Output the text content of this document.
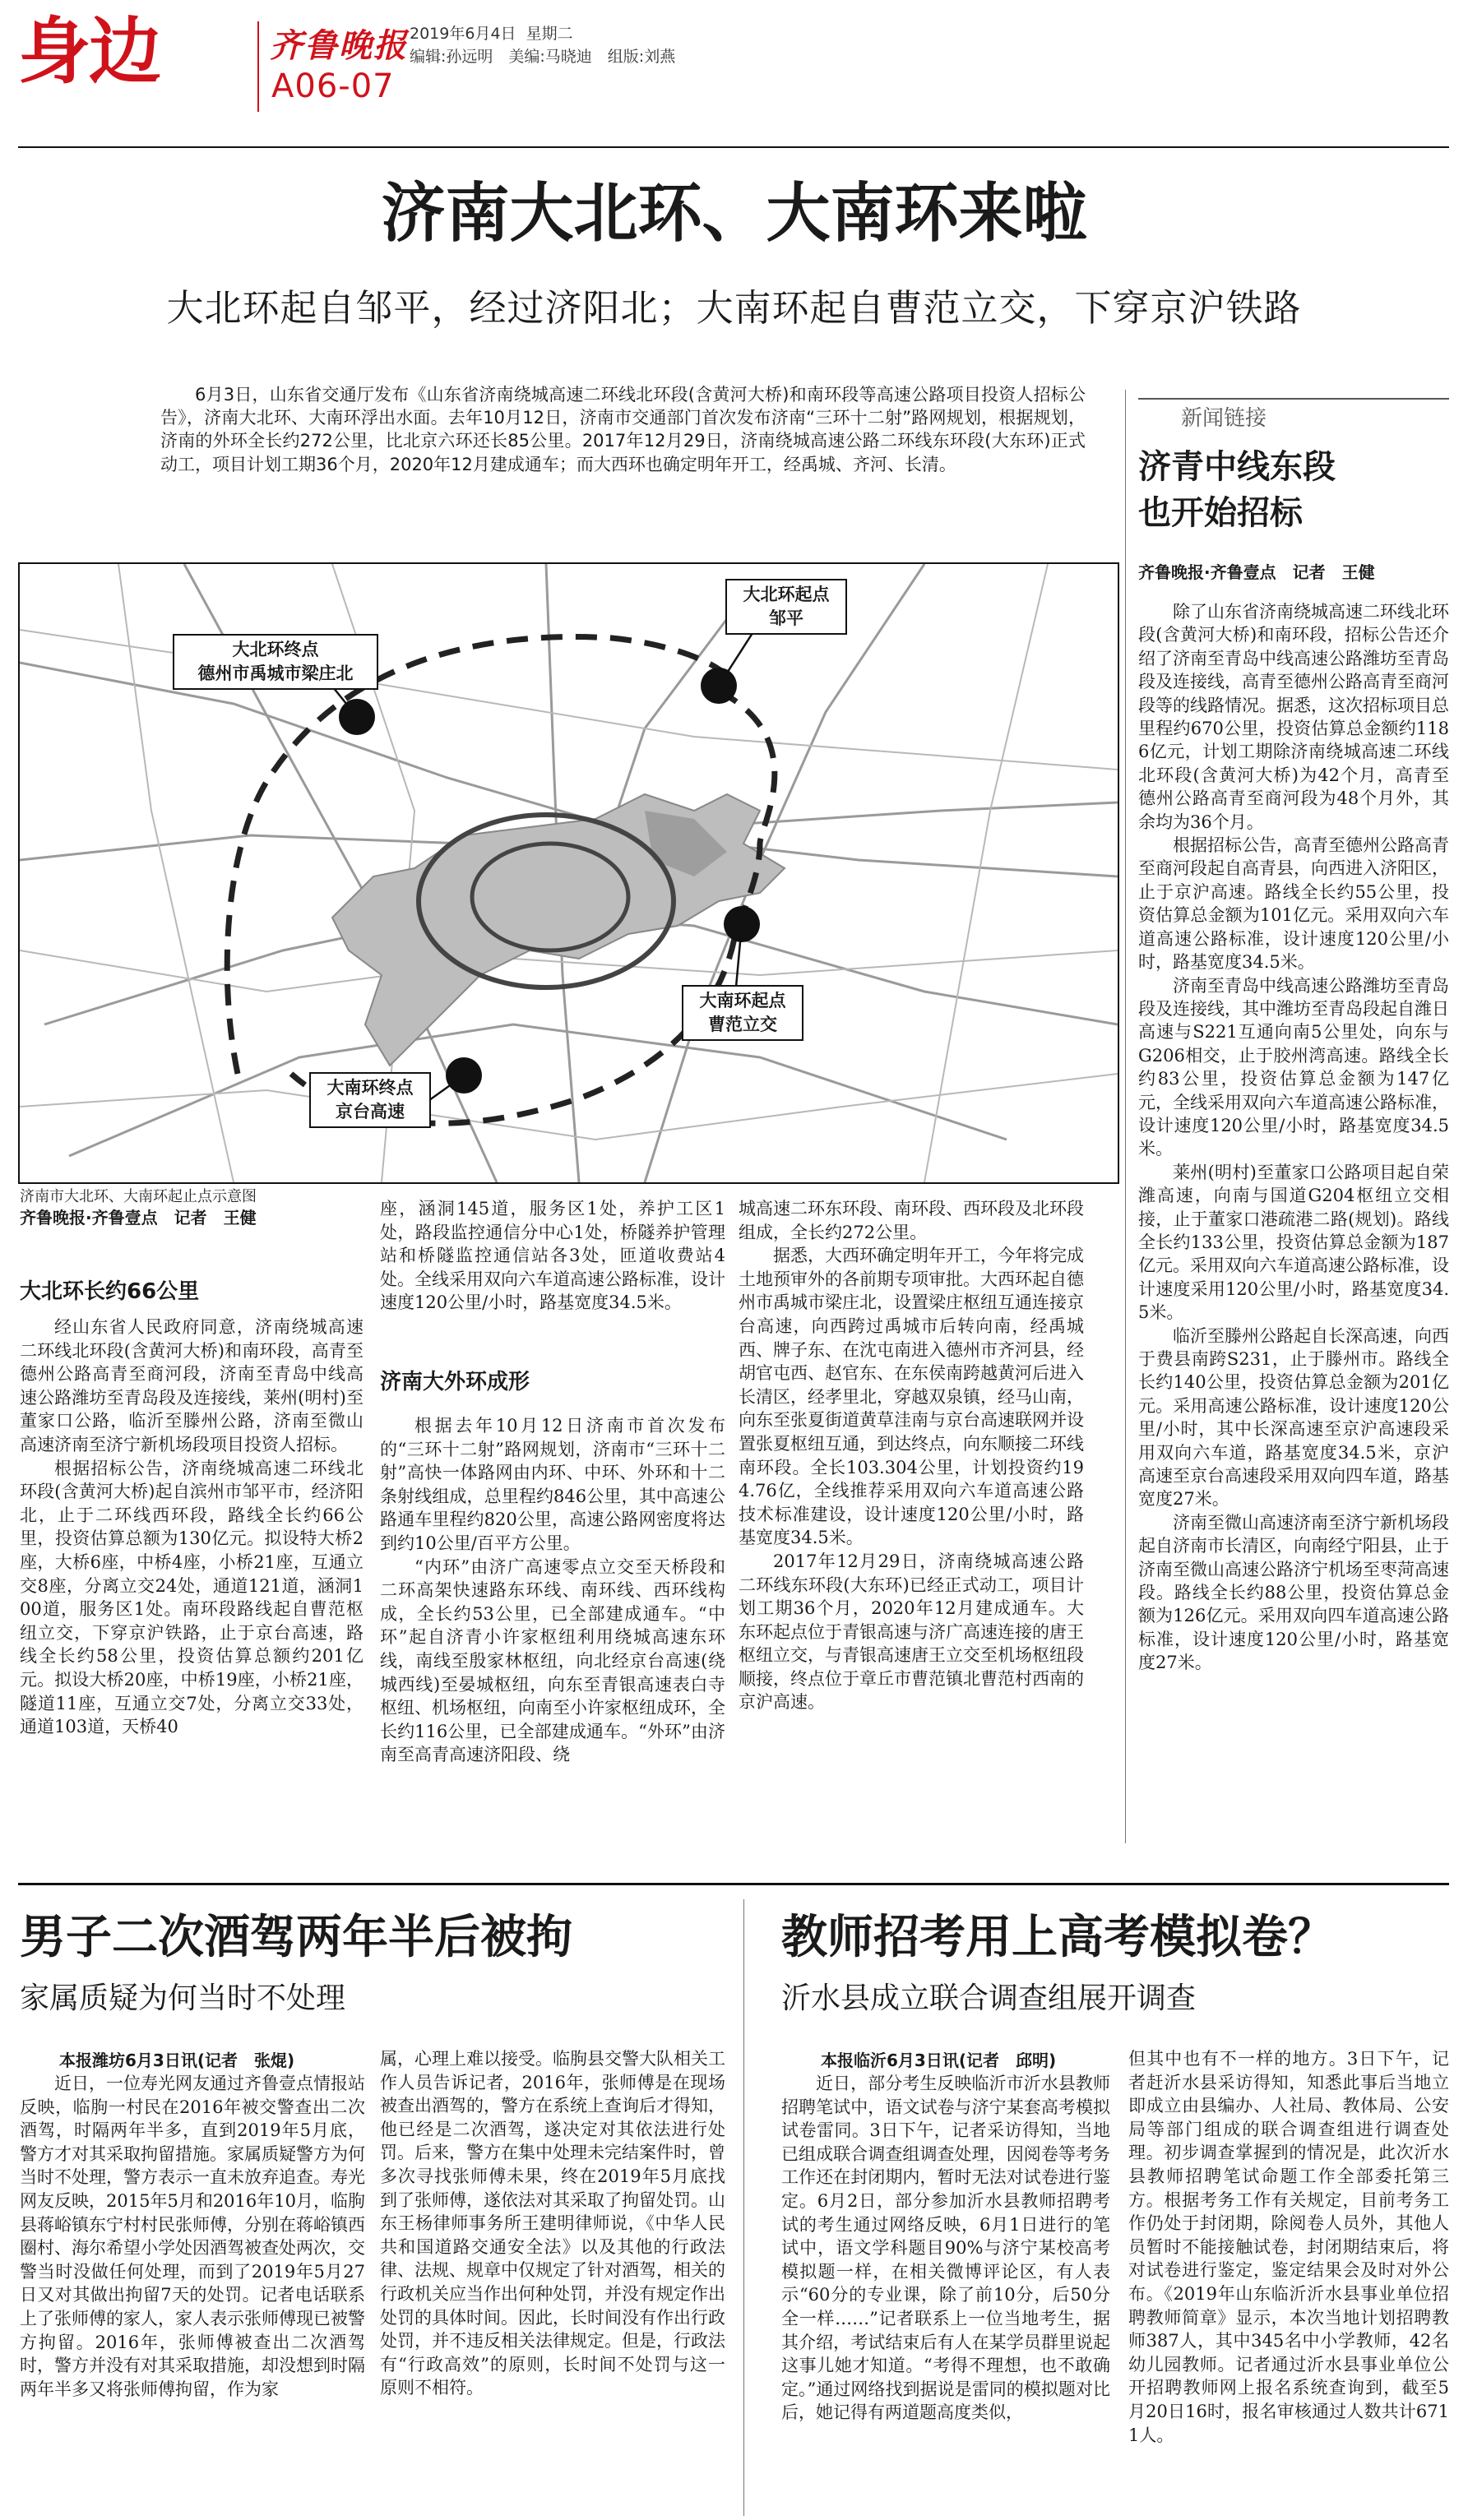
身边	齐鲁晚报 2019年6月4日 星期二
编辑:孙远明　美编:马晓迪　组版:刘燕
A06-07
济南大北环、大南环来啦
大北环起自邹平，经过济阳北；大南环起自曹范立交，下穿京沪铁路
6月3日，山东省交通厅发布《山东省济南绕城高速二环线北环段(含黄河大桥)和南环段等高速公路项目投资人招标公告》，济南大北环、大南环浮出水面。去年10月12日，济南市交通部门首次发布济南“三环十二射”路网规划，根据规划，济南的外环全长约272公里，比北京六环还长85公里。2017年12月29日，济南绕城高速公路二环线东环段(大东环)正式动工，项目计划工期36个月，2020年12月建成通车；而大西环也确定明年开工，经禹城、齐河、长清。
大北环终点
德州市禹城市梁庄北
大北环起点
邹平
大南环起点
曹范立交
大南环终点
京台高速
济南市大北环、大南环起止点示意图
齐鲁晚报·齐鲁壹点　记者　王健
大北环长约66公里

经山东省人民政府同意，济南绕城高速二环线北环段(含黄河大桥)和南环段，高青至德州公路高青至商河段，济南至青岛中线高速公路潍坊至青岛段及连接线，莱州(明村)至董家口公路，临沂至滕州公路，济南至微山高速济南至济宁新机场段项目投资人招标。

根据招标公告，济南绕城高速二环线北环段(含黄河大桥)起自滨州市邹平市，经济阳北，止于二环线西环段，路线全长约66公里，投资估算总额为130亿元。拟设特大桥2座，大桥6座，中桥4座，小桥21座，互通立交8座，分离立交24处，通道121道，涵洞100道，服务区1处。南环段路线起自曹范枢纽立交，下穿京沪铁路，止于京台高速，路线全长约58公里，投资估算总额约201亿元。拟设大桥20座，中桥19座，小桥21座，隧道11座，互通立交7处，分离立交33处，通道103道，天桥40

座，涵洞145道，服务区1处，养护工区1处，路段监控通信分中心1处，桥隧养护管理站和桥隧监控通信站各3处，匝道收费站4处。全线采用双向六车道高速公路标准，设计速度120公里/小时，路基宽度34.5米。

济南大外环成形

根据去年10月12日济南市首次发布的“三环十二射”路网规划，济南市“三环十二射”高快一体路网由内环、中环、外环和十二条射线组成，总里程约846公里，其中高速公路通车里程约820公里，高速公路网密度将达到约10公里/百平方公里。

“内环”由济广高速零点立交至天桥段和二环高架快速路东环线、南环线、西环线构成，全长约53公里，已全部建成通车。“中环”起自济青小许家枢纽利用绕城高速东环线，南线至殷家林枢纽，向北经京台高速(绕城西线)至晏城枢纽，向东至青银高速表白寺枢纽、机场枢纽，向南至小许家枢纽成环，全长约116公里，已全部建成通车。“外环”由济南至高青高速济阳段、绕

城高速二环东环段、南环段、西环段及北环段组成，全长约272公里。

据悉，大西环确定明年开工，今年将完成土地预审外的各前期专项审批。大西环起自德州市禹城市梁庄北，设置梁庄枢纽互通连接京台高速，向西跨过禹城市后转向南，经禹城西、牌子东、在沈屯南进入德州市齐河县，经胡官屯西、赵官东、在东侯南跨越黄河后进入长清区，经孝里北，穿越双泉镇，经马山南，向东至张夏街道黄草洼南与京台高速联网并设置张夏枢纽互通，到达终点，向东顺接二环线南环段。全长103.304公里，计划投资约194.76亿，全线推荐采用双向六车道高速公路技术标准建设，设计速度120公里/小时，路基宽度34.5米。

2017年12月29日，济南绕城高速公路二环线东环段(大东环)已经正式动工，项目计划工期36个月，2020年12月建成通车。大东环起点位于青银高速与济广高速连接的唐王枢纽立交，与青银高速唐王立交至机场枢纽段顺接，终点位于章丘市曹范镇北曹范村西南的京沪高速。

新闻链接
济青中线东段
也开始招标
齐鲁晚报·齐鲁壹点　记者　王健

除了山东省济南绕城高速二环线北环段(含黄河大桥)和南环段，招标公告还介绍了济南至青岛中线高速公路潍坊至青岛段及连接线，高青至德州公路高青至商河段等的线路情况。据悉，这次招标项目总里程约670公里，投资估算总金额约1186亿元，计划工期除济南绕城高速二环线北环段(含黄河大桥)为42个月，高青至德州公路高青至商河段为48个月外，其余均为36个月。

根据招标公告，高青至德州公路高青至商河段起自高青县，向西进入济阳区，止于京沪高速。路线全长约55公里，投资估算总金额为101亿元。采用双向六车道高速公路标准，设计速度120公里/小时，路基宽度34.5米。

济南至青岛中线高速公路潍坊至青岛段及连接线，其中潍坊至青岛段起自潍日高速与S221互通向南5公里处，向东与G206相交，止于胶州湾高速。路线全长约83公里，投资估算总金额为147亿元，全线采用双向六车道高速公路标准，设计速度120公里/小时，路基宽度34.5米。

莱州(明村)至董家口公路项目起自荣潍高速，向南与国道G204枢纽立交相接，止于董家口港疏港二路(规划)。路线全长约133公里，投资估算总金额为187亿元。采用双向六车道高速公路标准，设计速度采用120公里/小时，路基宽度34.5米。

临沂至滕州公路起自长深高速，向西于费县南跨S231，止于滕州市。路线全长约140公里，投资估算总金额为201亿元。采用高速公路标准，设计速度120公里/小时，其中长深高速至京沪高速段采用双向六车道，路基宽度34.5米，京沪高速至京台高速段采用双向四车道，路基宽度27米。

济南至微山高速济南至济宁新机场段起自济南市长清区，向南经宁阳县，止于济南至微山高速公路济宁机场至枣菏高速段。路线全长约88公里，投资估算总金额为126亿元。采用双向四车道高速公路标准，设计速度120公里/小时，路基宽度27米。

男子二次酒驾两年半后被拘
家属质疑为何当时不处理
本报潍坊6月3日讯(记者　张焜)
近日，一位寿光网友通过齐鲁壹点情报站反映，临朐一村民在2016年被交警查出二次酒驾，时隔两年半多，直到2019年5月底，警方才对其采取拘留措施。家属质疑警方为何当时不处理，警方表示一直未放弃追查。寿光网友反映，2015年5月和2016年10月，临朐县蒋峪镇东宁村村民张师傅，分别在蒋峪镇西圈村、海尔希望小学处因酒驾被查处两次，交警当时没做任何处理，而到了2019年5月27日又对其做出拘留7天的处罚。记者电话联系上了张师傅的家人，家人表示张师傅现已被警方拘留。2016年，张师傅被查出二次酒驾时，警方并没有对其采取措施，却没想到时隔两年半多又将张师傅拘留，作为家
属，心理上难以接受。临朐县交警大队相关工作人员告诉记者，2016年，张师傅是在现场被查出酒驾的，警方在系统上查询后才得知，他已经是二次酒驾，遂决定对其依法进行处罚。后来，警方在集中处理未完结案件时，曾多次寻找张师傅未果，终在2019年5月底找到了张师傅，遂依法对其采取了拘留处罚。山东王杨律师事务所王建明律师说，《中华人民共和国道路交通安全法》以及其他的行政法律、法规、规章中仅规定了针对酒驾，相关的行政机关应当作出何种处罚，并没有规定作出处罚的具体时间。因此，长时间没有作出行政处罚，并不违反相关法律规定。但是，行政法有“行政高效”的原则，长时间不处罚与这一原则不相符。
教师招考用上高考模拟卷？
沂水县成立联合调查组展开调查
本报临沂6月3日讯(记者　邱明)
近日，部分考生反映临沂市沂水县教师招聘笔试中，语文试卷与济宁某套高考模拟试卷雷同。3日下午，记者采访得知，当地已组成联合调查组调查处理，因阅卷等考务工作还在封闭期内，暂时无法对试卷进行鉴定。6月2日，部分参加沂水县教师招聘考试的考生通过网络反映，6月1日进行的笔试中，语文学科题目90%与济宁某校高考模拟题一样，在相关微博评论区，有人表示“60分的专业课，除了前10分，后50分全一样……”记者联系上一位当地考生，据其介绍，考试结束后有人在某学员群里说起这事儿她才知道。“考得不理想，也不敢确定。”通过网络找到据说是雷同的模拟题对比后，她记得有两道题高度类似，
但其中也有不一样的地方。3日下午，记者赶沂水县采访得知，知悉此事后当地立即成立由县编办、人社局、教体局、公安局等部门组成的联合调查组进行调查处理。初步调查掌握到的情况是，此次沂水县教师招聘笔试命题工作全部委托第三方。根据考务工作有关规定，目前考务工作仍处于封闭期，除阅卷人员外，其他人员暂时不能接触试卷，封闭期结束后，将对试卷进行鉴定，鉴定结果会及时对外公布。《2019年山东临沂沂水县事业单位招聘教师简章》显示，本次当地计划招聘教师387人，其中345名中小学教师，42名幼儿园教师。记者通过沂水县事业单位公开招聘教师网上报名系统查询到，截至5月20日16时，报名审核通过人数共计6711人。
